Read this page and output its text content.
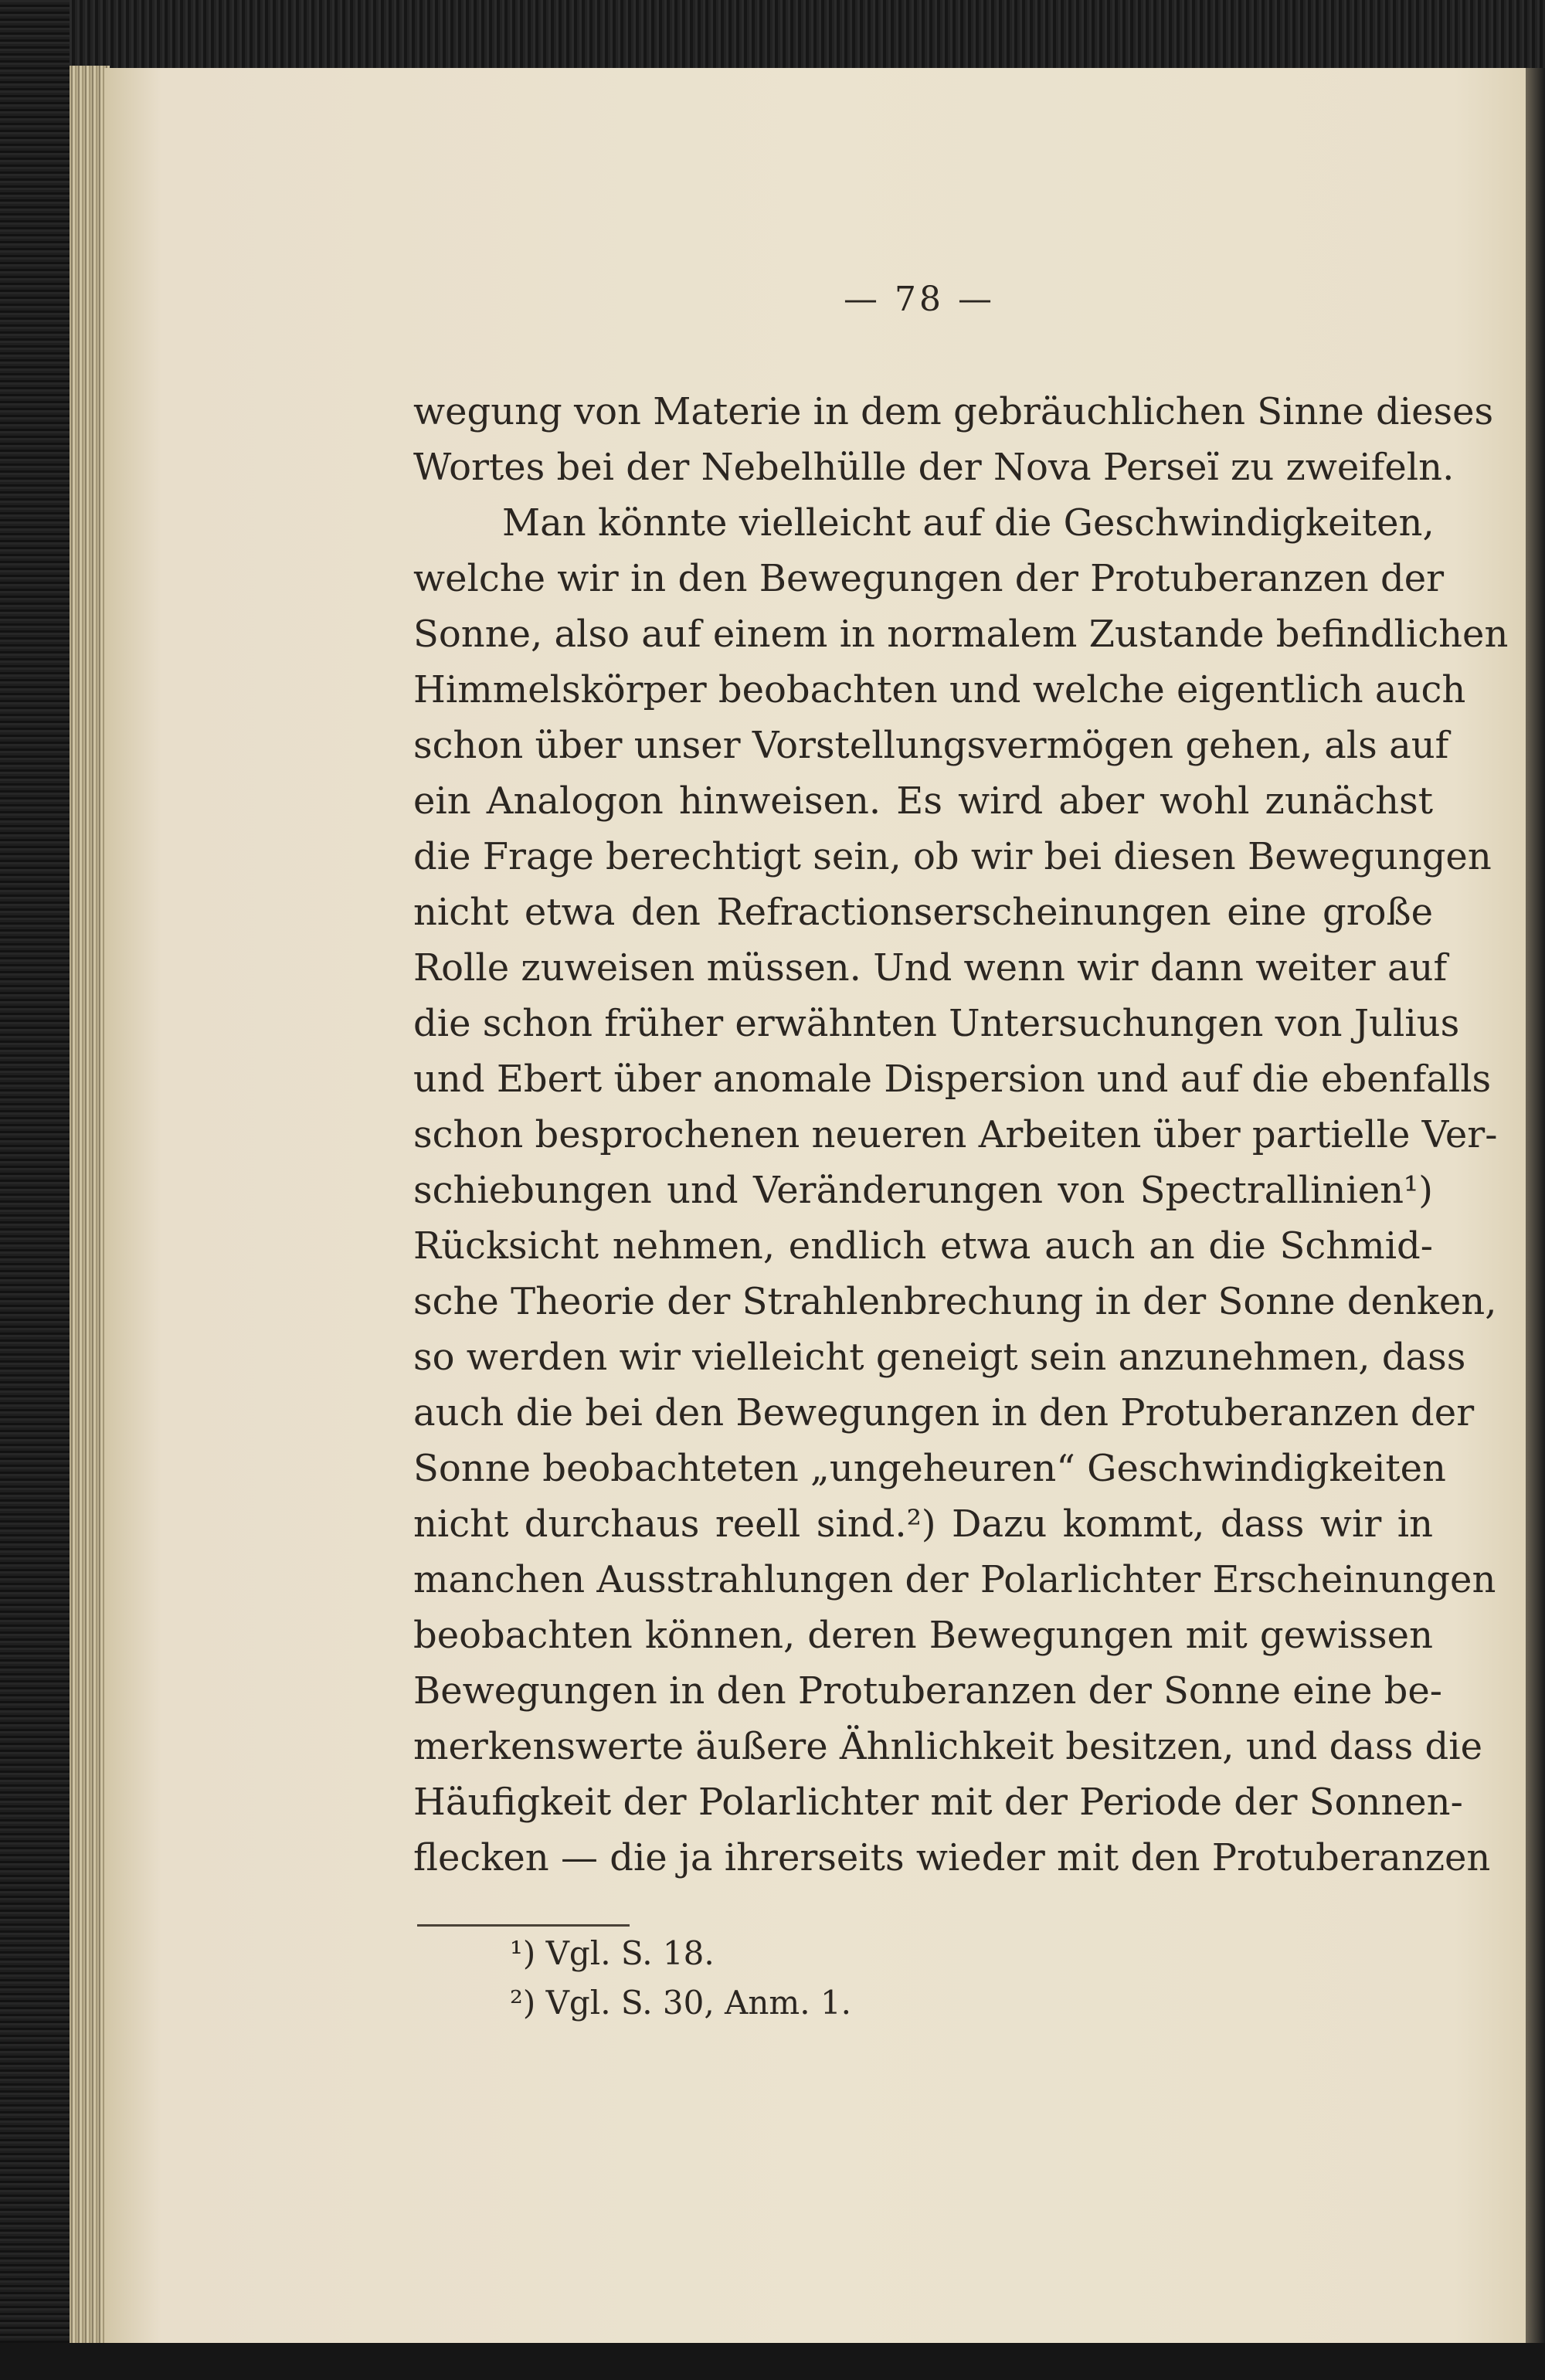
— 78 —
wegung von Materie in dem gebräuchlichen Sinne dieses
Wortes bei der Nebelhülle der Nova Perseï zu zweifeln.
Man könnte vielleicht auf die Geschwindigkeiten,
welche wir in den Bewegungen der Protuberanzen der
Sonne, also auf einem in normalem Zustande befindlichen
Himmelskörper beobachten und welche eigentlich auch
schon über unser Vorstellungsvermögen gehen, als auf
ein Analogon hinweisen. Es wird aber wohl zunächst
die Frage berechtigt sein, ob wir bei diesen Bewegungen
nicht etwa den Refractionserscheinungen eine große
Rolle zuweisen müssen. Und wenn wir dann weiter auf
die schon früher erwähnten Untersuchungen von Julius
und Ebert über anomale Dispersion und auf die ebenfalls
schon besprochenen neueren Arbeiten über partielle Ver-
schiebungen und Veränderungen von Spectrallinien¹)
Rücksicht nehmen, endlich etwa auch an die Schmid-
sche Theorie der Strahlenbrechung in der Sonne denken,
so werden wir vielleicht geneigt sein anzunehmen, dass
auch die bei den Bewegungen in den Protuberanzen der
Sonne beobachteten „ungeheuren“ Geschwindigkeiten
nicht durchaus reell sind.²) Dazu kommt, dass wir in
manchen Ausstrahlungen der Polarlichter Erscheinungen
beobachten können, deren Bewegungen mit gewissen
Bewegungen in den Protuberanzen der Sonne eine be-
merkenswerte äußere Ähnlichkeit besitzen, und dass die
Häufigkeit der Polarlichter mit der Periode der Sonnen-
flecken — die ja ihrerseits wieder mit den Protuberanzen
¹) Vgl. S. 18.
²) Vgl. S. 30, Anm. 1.
